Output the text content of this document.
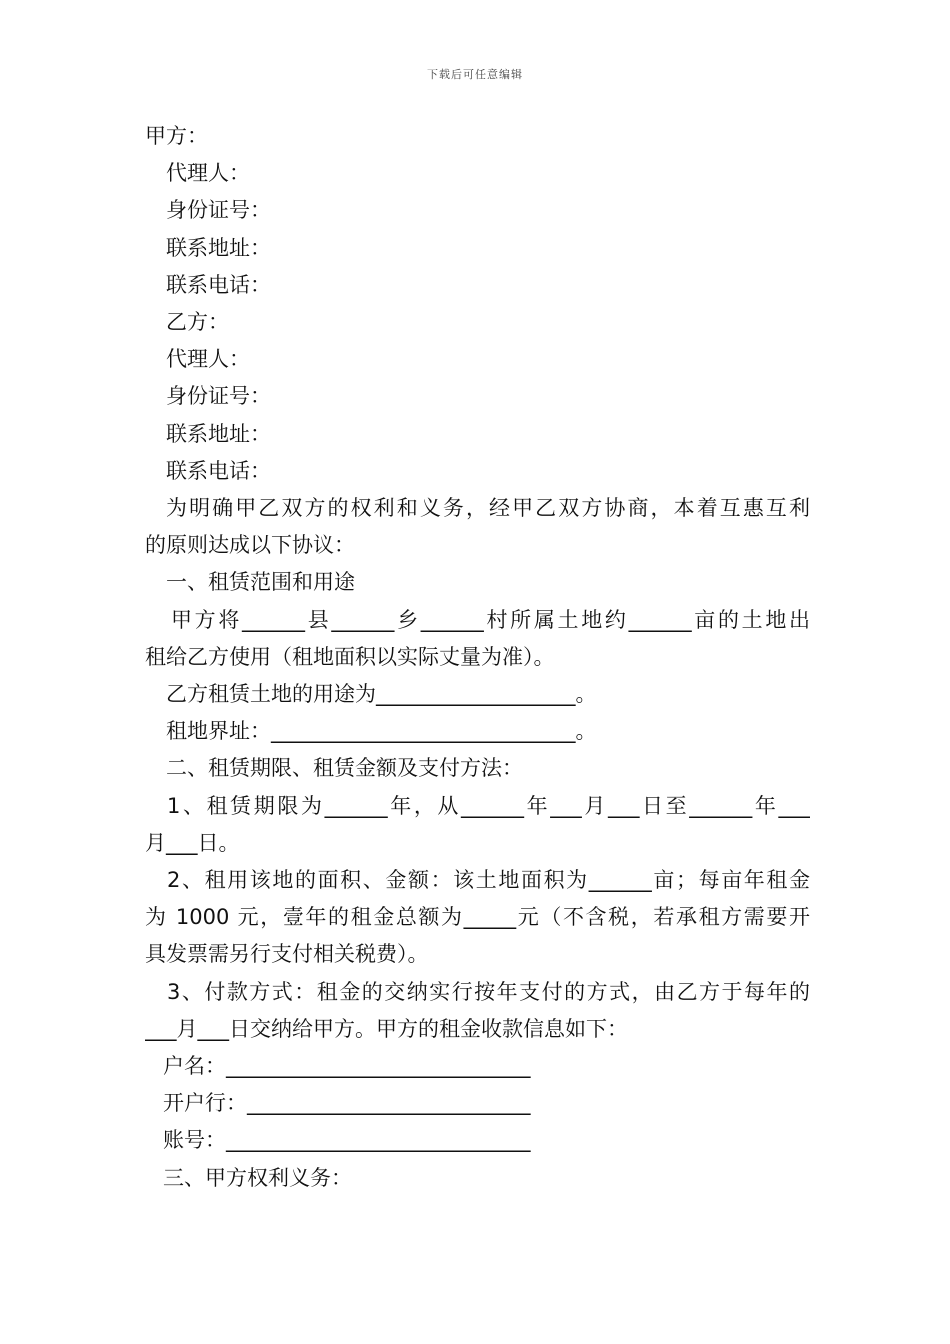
下载后可任意编辑
甲方：
代理人：
身份证号：
联系地址：
联系电话：
乙方：
代理人：
身份证号：
联系地址：
联系电话：
为明确甲乙双方的权利和义务，经甲乙双方协商，本着互惠互利
的原则达成以下协议：
一、租赁范围和用途
甲方将______县______乡______村所属土地约______亩的土地出
租给乙方使用（租地面积以实际丈量为准）。
乙方租赁土地的用途为___________________。
租地界址：_____________________________。
二、租赁期限、租赁金额及支付方法：
1、租赁期限为______年，从______年___月___日至______年___
月___日。
2、租用该地的面积、金额：该土地面积为______亩；每亩年租金
为 1000 元，壹年的租金总额为_____元（不含税，若承租方需要开
具发票需另行支付相关税费）。
3、付款方式：租金的交纳实行按年支付的方式，由乙方于每年的
___月___日交纳给甲方。甲方的租金收款信息如下：
户名：_____________________________
开户行：___________________________
账号：_____________________________
三、甲方权利义务：
